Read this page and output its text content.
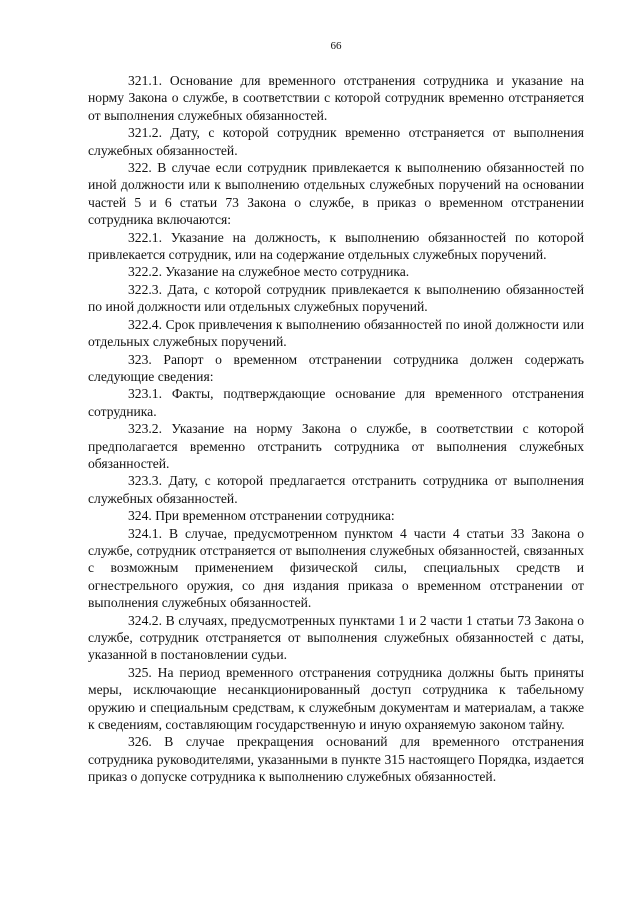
66

321.1. Основание для временного отстранения сотрудника и указание на норму Закона о службе, в соответствии с которой сотрудник временно отстраняется от выполнения служебных обязанностей.

321.2. Дату, с которой сотрудник временно отстраняется от выполнения служебных обязанностей.

322. В случае если сотрудник привлекается к выполнению обязанностей по иной должности или к выполнению отдельных служебных поручений на основании частей 5 и 6 статьи 73 Закона о службе, в приказ о временном отстранении сотрудника включаются:

322.1. Указание на должность, к выполнению обязанностей по которой привлекается сотрудник, или на содержание отдельных служебных поручений.

322.2. Указание на служебное место сотрудника.

322.3. Дата, с которой сотрудник привлекается к выполнению обязанностей по иной должности или отдельных служебных поручений.

322.4. Срок привлечения к выполнению обязанностей по иной должности или отдельных служебных поручений.

323. Рапорт о временном отстранении сотрудника должен содержать следующие сведения:

323.1. Факты, подтверждающие основание для временного отстранения сотрудника.

323.2. Указание на норму Закона о службе, в соответствии с которой предполагается временно отстранить сотрудника от выполнения служебных обязанностей.

323.3. Дату, с которой предлагается отстранить сотрудника от выполнения служебных обязанностей.

324. При временном отстранении сотрудника:

324.1. В случае, предусмотренном пунктом 4 части 4 статьи 33 Закона о службе, сотрудник отстраняется от выполнения служебных обязанностей, связанных с возможным применением физической силы, специальных средств и огнестрельного оружия, со дня издания приказа о временном отстранении от выполнения служебных обязанностей.

324.2. В случаях, предусмотренных пунктами 1 и 2 части 1 статьи 73 Закона о службе, сотрудник отстраняется от выполнения служебных обязанностей с даты, указанной в постановлении судьи.

325. На период временного отстранения сотрудника должны быть приняты меры, исключающие несанкционированный доступ сотрудника к табельному оружию и специальным средствам, к служебным документам и материалам, а также к сведениям, составляющим государственную и иную охраняемую законом тайну.

326. В случае прекращения оснований для временного отстранения сотрудника руководителями, указанными в пункте 315 настоящего Порядка, издается приказ о допуске сотрудника к выполнению служебных обязанностей.
